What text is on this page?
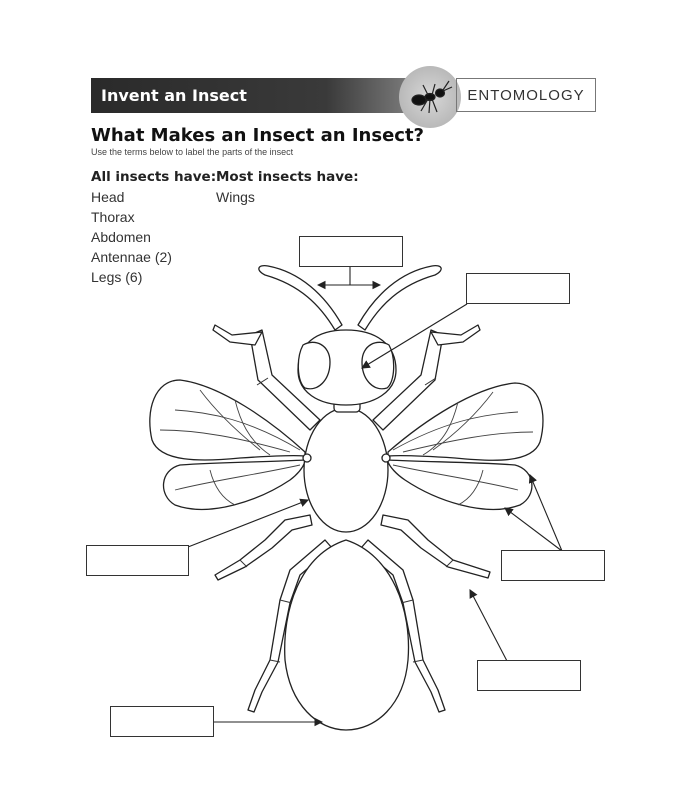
Invent an Insect	ENTOMOLOGY
What Makes an Insect an Insect?
Use the terms below to label the parts of the insect
All insects have:
Head
Thorax
Abdomen
Antennae (2)
Legs (6)
Most insects have:
Wings
